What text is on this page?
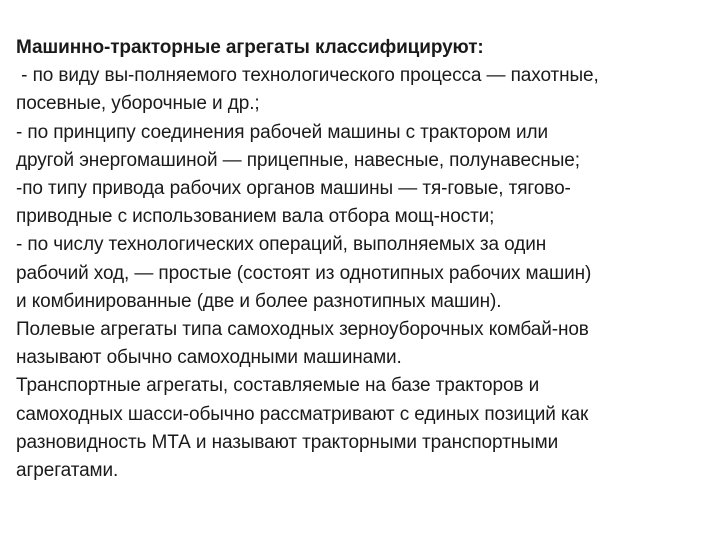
Машинно-тракторные агрегаты классифицируют:
- по виду вы-полняемого технологического процесса — пахотные,
посевные, уборочные и др.;
- по принципу соединения рабочей машины с трактором или
другой энергомашиной — прицепные, навесные, полунавесные;
-по типу привода рабочих органов машины — тя-говые, тягово-
приводные с использованием вала отбора мощ-ности;
- по числу технологических операций, выполняемых за один
рабочий ход, — простые (состоят из однотипных рабочих машин)
и комбинированные (две и более разнотипных машин).
Полевые агрегаты типа самоходных зерноуборочных комбай-нов
называют обычно самоходными машинами.
Транспортные агрегаты, составляемые на базе тракторов и
самоходных шасси-обычно рассматривают с единых позиций как
разновидность МТА и называют тракторными транспортными
агрегатами.
